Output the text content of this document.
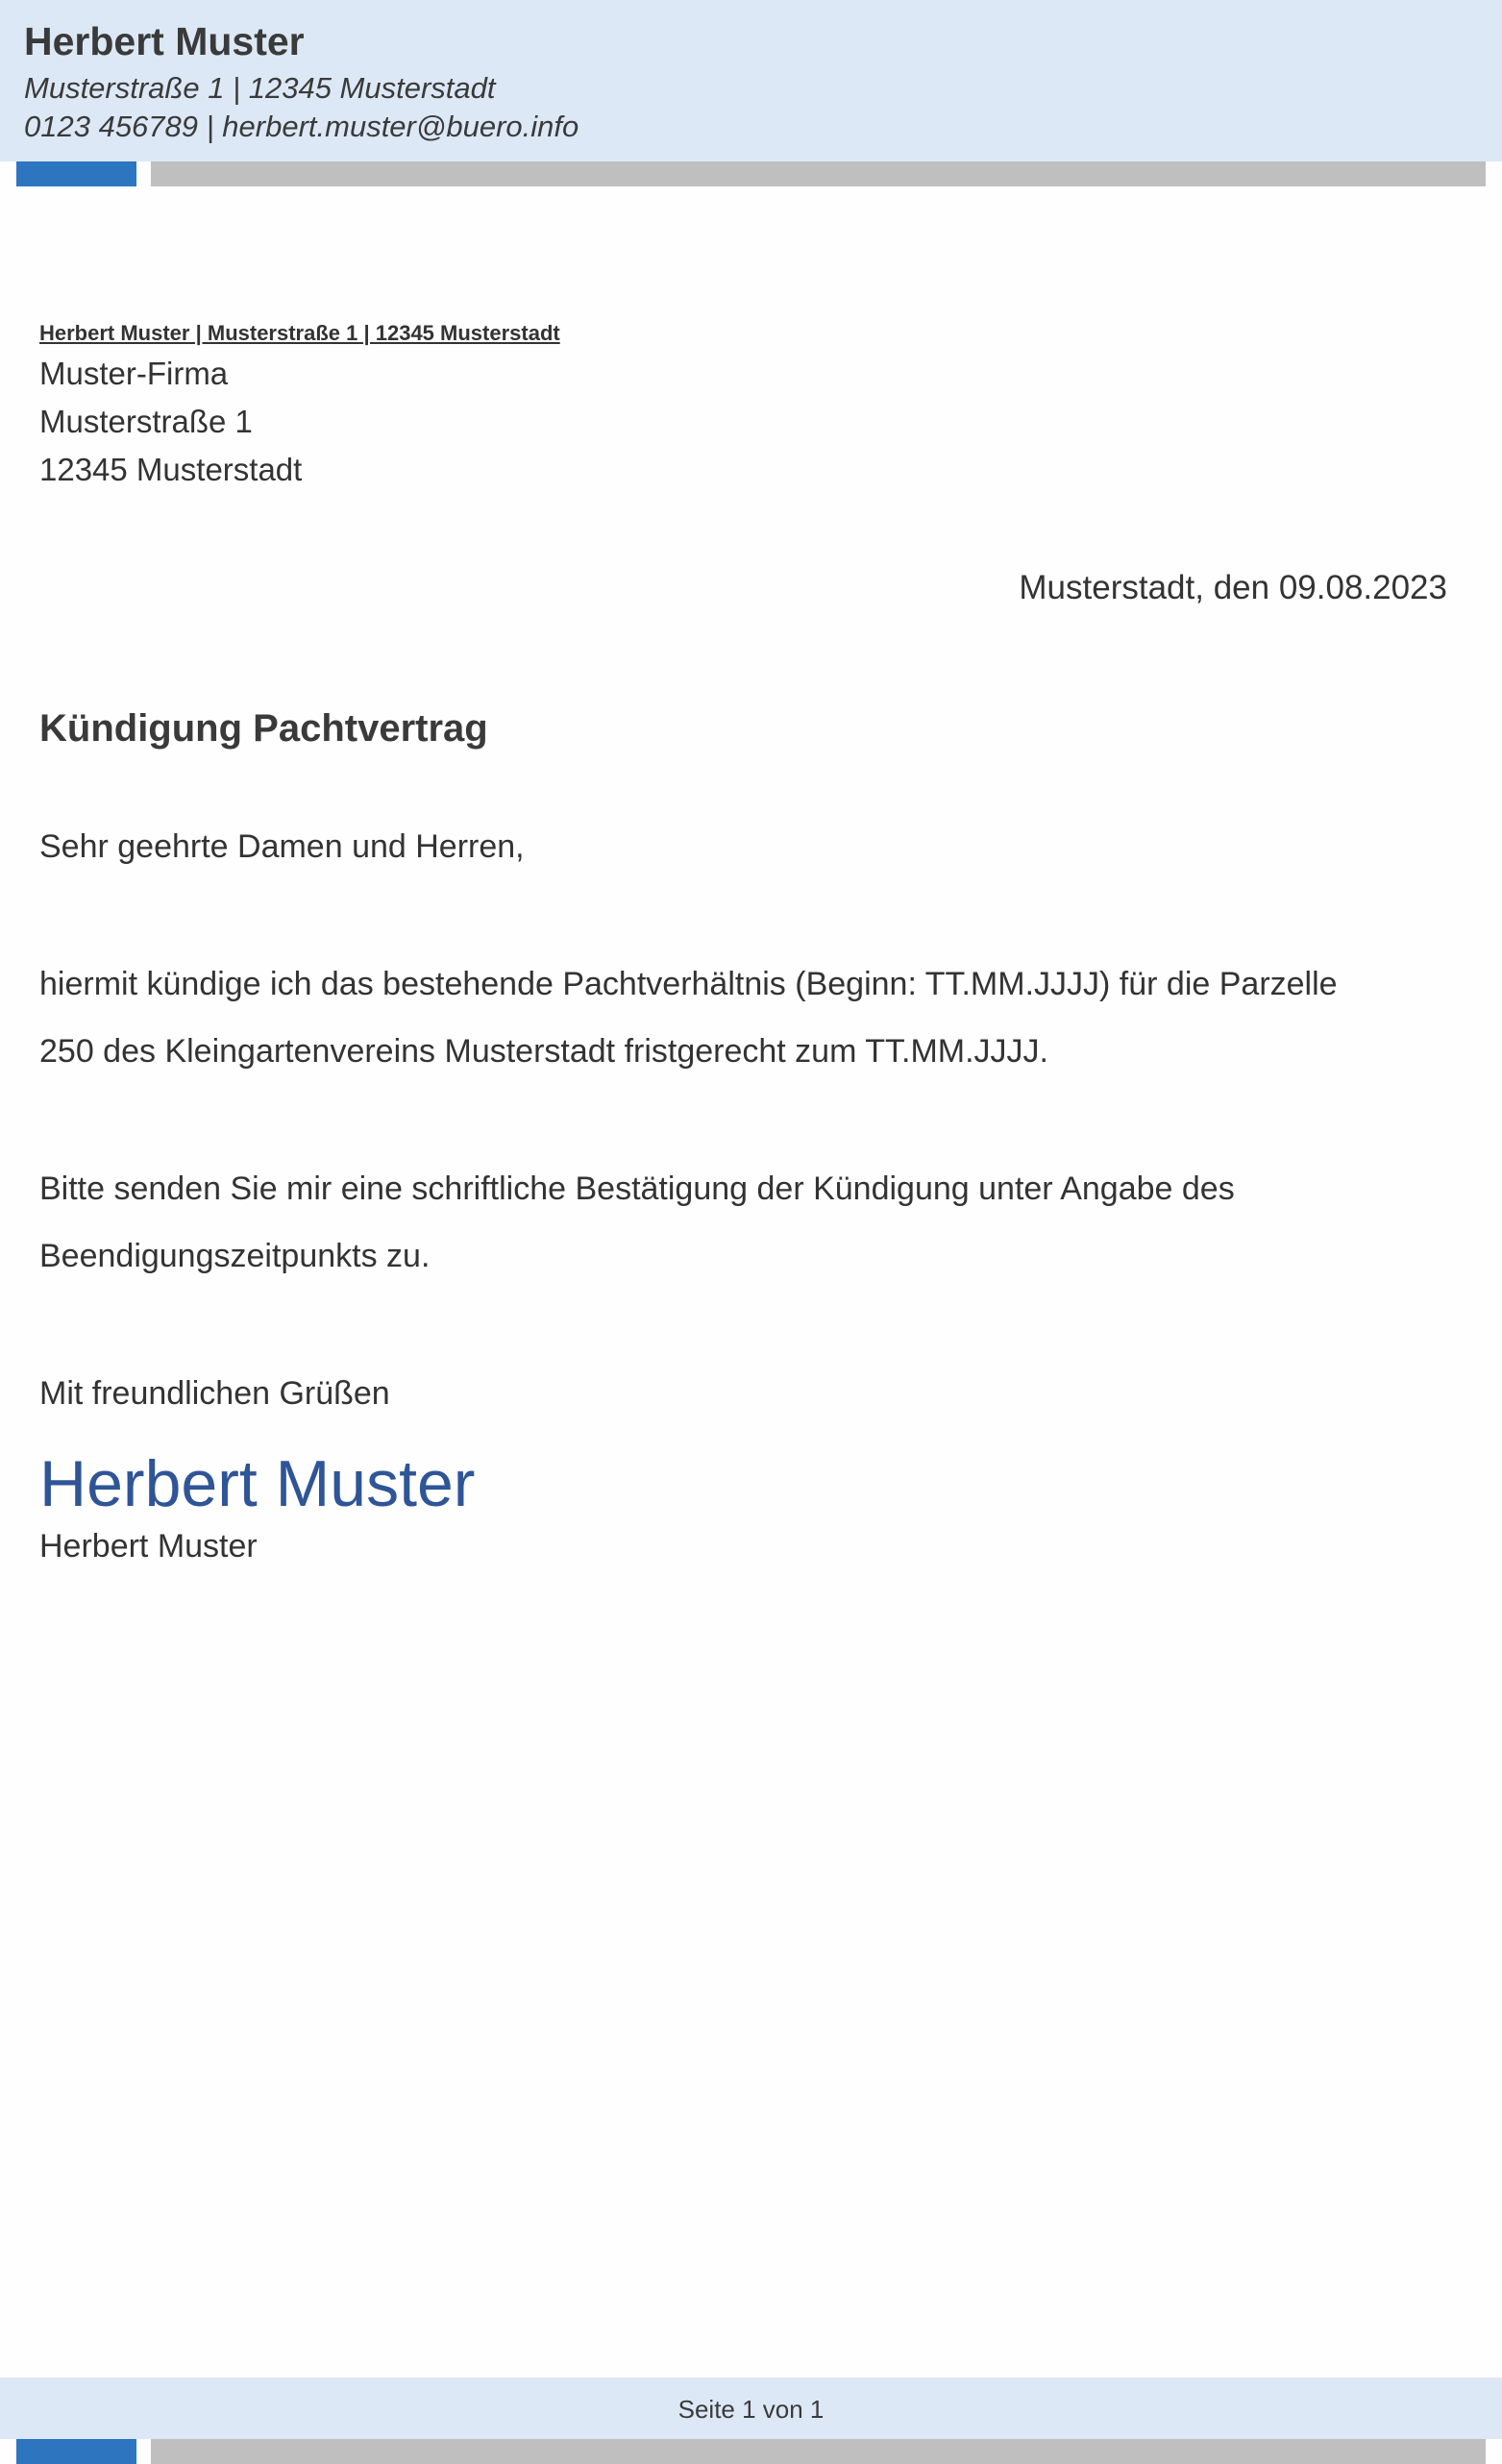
Herbert Muster
Musterstraße 1 | 12345 Musterstadt
0123 456789 | herbert.muster@buero.info
Herbert Muster | Musterstraße 1 | 12345 Musterstadt
Muster-Firma
Musterstraße 1
12345 Musterstadt
Musterstadt, den 09.08.2023
Kündigung Pachtvertrag
Sehr geehrte Damen und Herren,
hiermit kündige ich das bestehende Pachtverhältnis (Beginn: TT.MM.JJJJ) für die Parzelle
250 des Kleingartenvereins Musterstadt fristgerecht zum TT.MM.JJJJ.
Bitte senden Sie mir eine schriftliche Bestätigung der Kündigung unter Angabe des
Beendigungszeitpunkts zu.
Mit freundlichen Grüßen
Herbert Muster
Herbert Muster
Seite 1 von 1
